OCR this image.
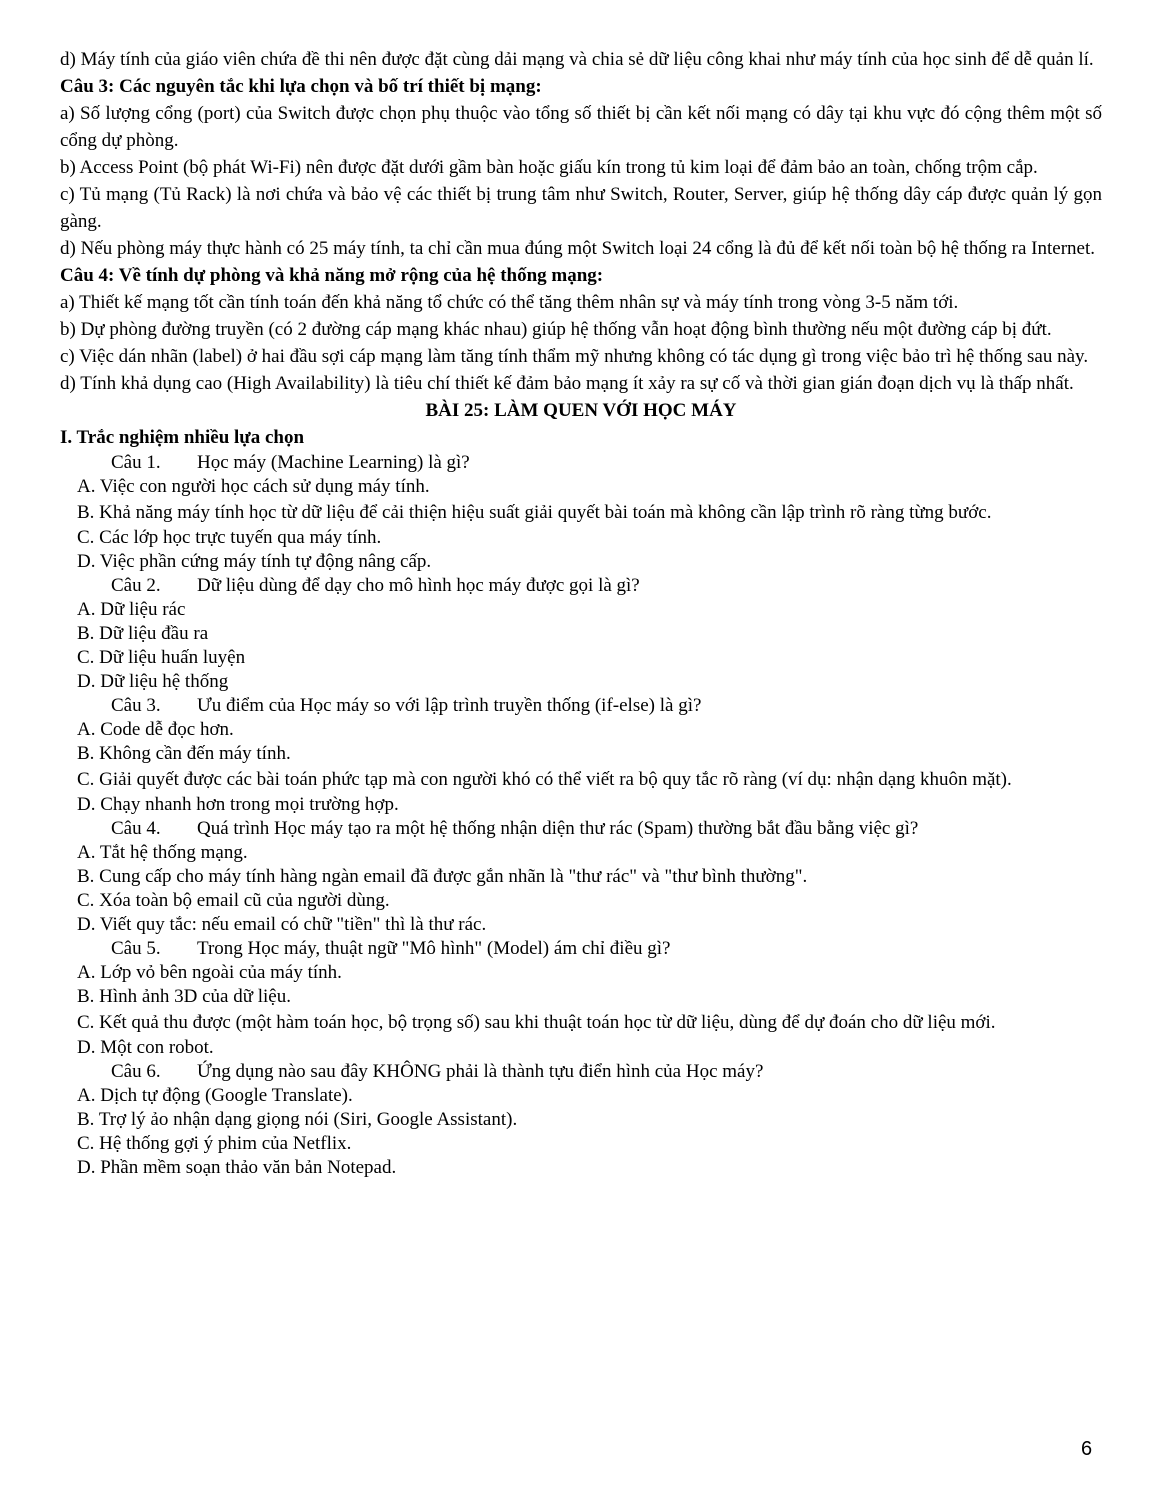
d) Máy tính của giáo viên chứa đề thi nên được đặt cùng dải mạng và chia sẻ dữ liệu công khai như máy tính của học sinh để dễ quản lí.

Câu 3: Các nguyên tắc khi lựa chọn và bố trí thiết bị mạng:

a) Số lượng cổng (port) của Switch được chọn phụ thuộc vào tổng số thiết bị cần kết nối mạng có dây tại khu vực đó cộng thêm một số cổng dự phòng.

b) Access Point (bộ phát Wi-Fi) nên được đặt dưới gầm bàn hoặc giấu kín trong tủ kim loại để đảm bảo an toàn, chống trộm cắp.

c) Tủ mạng (Tủ Rack) là nơi chứa và bảo vệ các thiết bị trung tâm như Switch, Router, Server, giúp hệ thống dây cáp được quản lý gọn gàng.

d) Nếu phòng máy thực hành có 25 máy tính, ta chỉ cần mua đúng một Switch loại 24 cổng là đủ để kết nối toàn bộ hệ thống ra Internet.

Câu 4: Về tính dự phòng và khả năng mở rộng của hệ thống mạng:

a) Thiết kế mạng tốt cần tính toán đến khả năng tổ chức có thể tăng thêm nhân sự và máy tính trong vòng 3-5 năm tới.

b) Dự phòng đường truyền (có 2 đường cáp mạng khác nhau) giúp hệ thống vẫn hoạt động bình thường nếu một đường cáp bị đứt.

c) Việc dán nhãn (label) ở hai đầu sợi cáp mạng làm tăng tính thẩm mỹ nhưng không có tác dụng gì trong việc bảo trì hệ thống sau này.

d) Tính khả dụng cao (High Availability) là tiêu chí thiết kế đảm bảo mạng ít xảy ra sự cố và thời gian gián đoạn dịch vụ là thấp nhất.

BÀI 25: LÀM QUEN VỚI HỌC MÁY

I. Trắc nghiệm nhiều lựa chọn

Câu 1.	Học máy (Machine Learning) là gì?

A. Việc con người học cách sử dụng máy tính.

B. Khả năng máy tính học từ dữ liệu để cải thiện hiệu suất giải quyết bài toán mà không cần lập trình rõ ràng từng bước.

C. Các lớp học trực tuyến qua máy tính.

D. Việc phần cứng máy tính tự động nâng cấp.

Câu 2.	Dữ liệu dùng để dạy cho mô hình học máy được gọi là gì?

A. Dữ liệu rác

B. Dữ liệu đầu ra

C. Dữ liệu huấn luyện

D. Dữ liệu hệ thống

Câu 3.	Ưu điểm của Học máy so với lập trình truyền thống (if-else) là gì?

A. Code dễ đọc hơn.

B. Không cần đến máy tính.

C. Giải quyết được các bài toán phức tạp mà con người khó có thể viết ra bộ quy tắc rõ ràng (ví dụ: nhận dạng khuôn mặt).

D. Chạy nhanh hơn trong mọi trường hợp.

Câu 4.	Quá trình Học máy tạo ra một hệ thống nhận diện thư rác (Spam) thường bắt đầu bằng việc gì?

A. Tắt hệ thống mạng.

B. Cung cấp cho máy tính hàng ngàn email đã được gắn nhãn là "thư rác" và "thư bình thường".

C. Xóa toàn bộ email cũ của người dùng.

D. Viết quy tắc: nếu email có chữ "tiền" thì là thư rác.

Câu 5.	Trong Học máy, thuật ngữ "Mô hình" (Model) ám chỉ điều gì?

A. Lớp vỏ bên ngoài của máy tính.

B. Hình ảnh 3D của dữ liệu.

C. Kết quả thu được (một hàm toán học, bộ trọng số) sau khi thuật toán học từ dữ liệu, dùng để dự đoán cho dữ liệu mới.

D. Một con robot.

Câu 6.	Ứng dụng nào sau đây KHÔNG phải là thành tựu điển hình của Học máy?

A. Dịch tự động (Google Translate).

B. Trợ lý ảo nhận dạng giọng nói (Siri, Google Assistant).

C. Hệ thống gợi ý phim của Netflix.

D. Phần mềm soạn thảo văn bản Notepad.

6
